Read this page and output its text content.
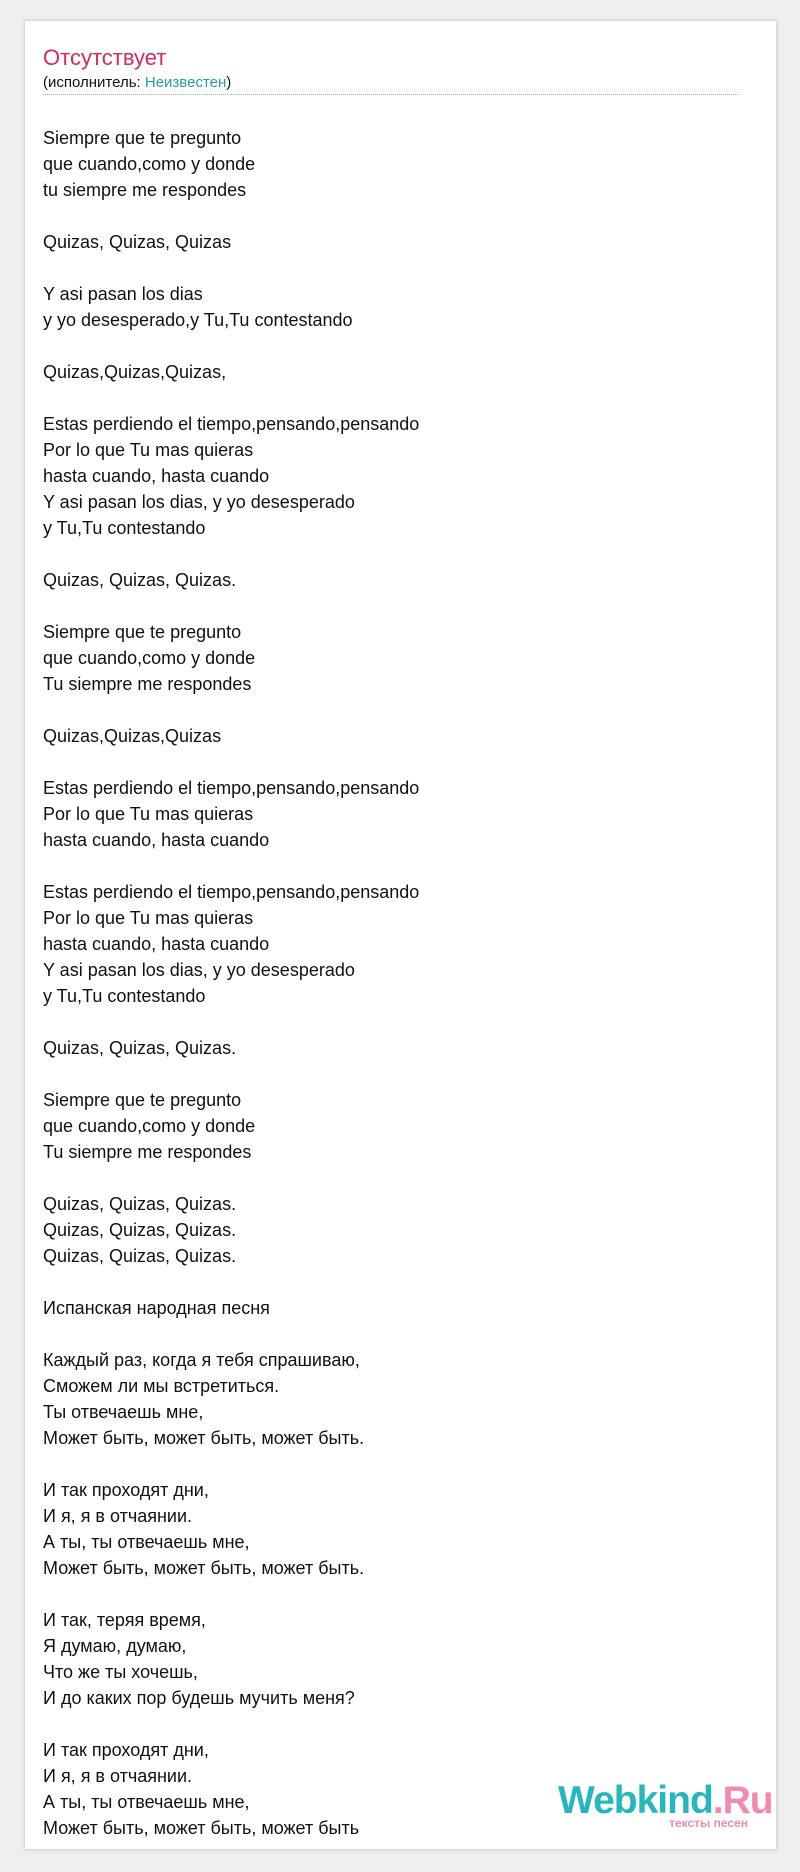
Отсутствует
(исполнитель: Неизвестен)
Siempre que te pregunto
que cuando,como y donde
tu siempre me respondes
Quizas, Quizas, Quizas
Y asi pasan los dias
y yo desesperado,y Tu,Tu contestando
Quizas,Quizas,Quizas,
Estas perdiendo el tiempo,pensando,pensando
Por lo que Tu mas quieras
hasta cuando, hasta cuando
Y asi pasan los dias, y yo desesperado
y Tu,Tu contestando
Quizas, Quizas, Quizas.
Siempre que te pregunto
que cuando,como y donde
Tu siempre me respondes
Quizas,Quizas,Quizas
Estas perdiendo el tiempo,pensando,pensando
Por lo que Tu mas quieras
hasta cuando, hasta cuando
Estas perdiendo el tiempo,pensando,pensando
Por lo que Tu mas quieras
hasta cuando, hasta cuando
Y asi pasan los dias, y yo desesperado
y Tu,Tu contestando
Quizas, Quizas, Quizas.
Siempre que te pregunto
que cuando,como y donde
Tu siempre me respondes
Quizas, Quizas, Quizas.
Quizas, Quizas, Quizas.
Quizas, Quizas, Quizas.
Испанская народная песня
Каждый раз, когда я тебя спрашиваю,
Сможем ли мы встретиться.
Ты отвечаешь мне,
Может быть, может быть, может быть.
И так проходят дни,
И я, я в отчаянии.
А ты, ты отвечаешь мне,
Может быть, может быть, может быть.
И так, теряя время,
Я думаю, думаю,
Что же ты хочешь,
И до каких пор будешь мучить меня?
И так проходят дни,
И я, я в отчаянии.
А ты, ты отвечаешь мне,
Может быть, может быть, может быть
Webkind.Ru
тексты песен
